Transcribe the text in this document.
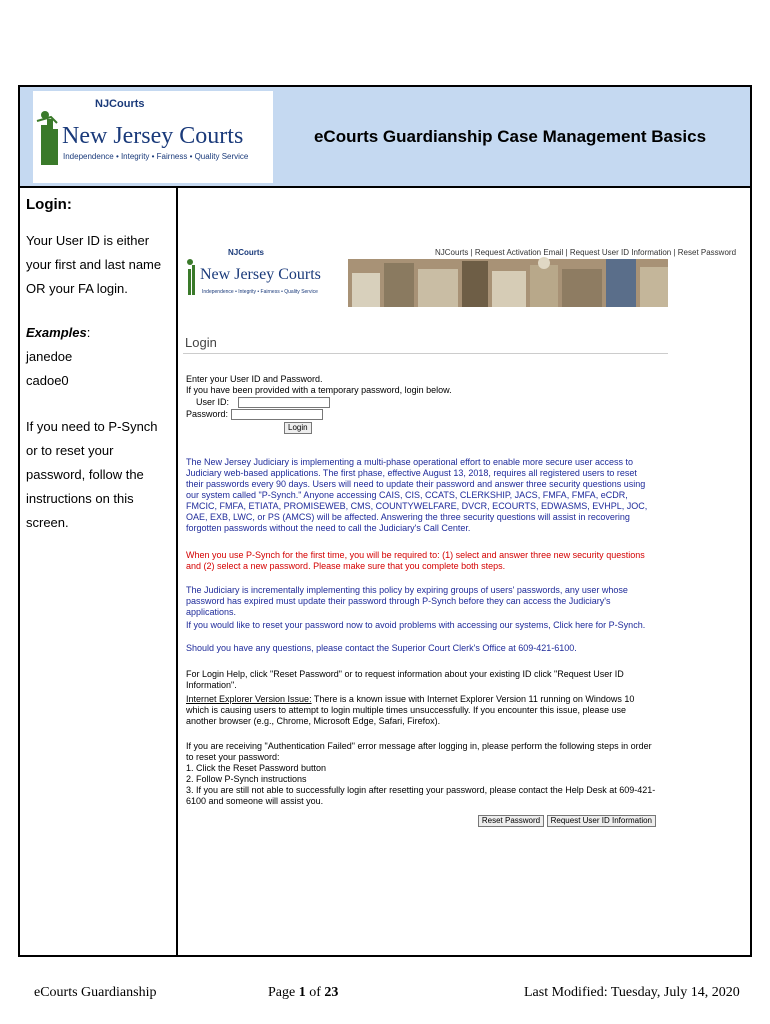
NJCourts
New Jersey Courts
Independence • Integrity • Fairness • Quality Service
eCourts Guardianship Case Management Basics
Login:

Your User ID is either your first and last name OR your FA login.

Examples:
janedoe
cadoe0

If you need to P-Synch or to reset your password, follow the instructions on this screen.

NJCourts
New Jersey Courts
Independence • Integrity • Fairness • Quality Service
NJCourts | Request Activation Email | Request User ID Information | Reset Password
Login
Enter your User ID and Password.
If you have been provided with a temporary password, login below.
User ID:
Password:
Login
The New Jersey Judiciary is implementing a multi-phase operational effort to enable more secure user access to Judiciary web-based applications. The first phase, effective August 13, 2018, requires all registered users to reset their passwords every 90 days. Users will need to update their password and answer three security questions using our system called "P-Synch." Anyone accessing CAIS, CIS, CCATS, CLERKSHIP, JACS, FMFA, FMFA, eCDR, FMCIC, FMFA, ETIATA, PROMISEWEB, CMS, COUNTYWELFARE, DVCR, ECOURTS, EDWASMS, EVHPL, JOC, OAE, EXB, LWC, or PS (AMCS) will be affected. Answering the three security questions will assist in recovering forgotten passwords without the need to call the Judiciary's Call Center.
When you use P-Synch for the first time, you will be required to: (1) select and answer three new security questions and (2) select a new password. Please make sure that you complete both steps.
The Judiciary is incrementally implementing this policy by expiring groups of users' passwords, any user whose password has expired must update their password through P-Synch before they can access the Judiciary's applications.
If you would like to reset your password now to avoid problems with accessing our systems, Click here for P-Synch.
Should you have any questions, please contact the Superior Court Clerk's Office at 609-421-6100.
For Login Help, click "Reset Password" or to request information about your existing ID click "Request User ID Information".
Internet Explorer Version Issue: There is a known issue with Internet Explorer Version 11 running on Windows 10 which is causing users to attempt to login multiple times unsuccessfully. If you encounter this issue, please use another browser (e.g., Chrome, Microsoft Edge, Safari, Firefox).
If you are receiving "Authentication Failed" error message after logging in, please perform the following steps in order to reset your password:
1. Click the Reset Password button
2. Follow P-Synch instructions
3. If you are still not able to successfully login after resetting your password, please contact the Help Desk at 609-421-6100 and someone will assist you.
Reset Password Request User ID Information
eCourts Guardianship	Page 1 of 23	Last Modified: Tuesday, July 14, 2020
